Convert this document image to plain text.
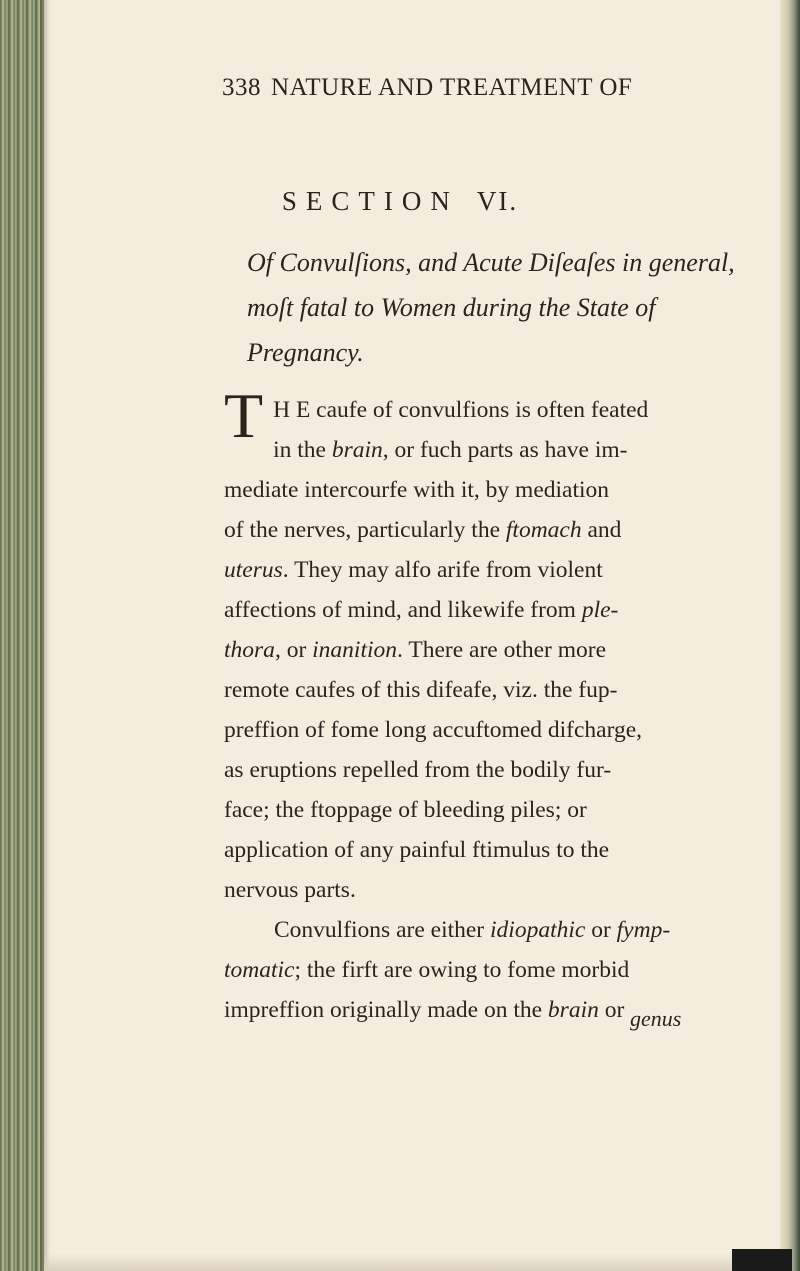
338 NATURE AND TREATMENT OF
SECTION VI.
Of Convulſions, and Acute Diſeaſes in general,
moſt fatal to Women during the State of
Pregnancy.
T H E caufe of convulfions is often feated
in the brain, or fuch parts as have im-
mediate intercourfe with it, by mediation
of the nerves, particularly the ftomach and
uterus. They may alfo arife from violent
affections of mind, and likewife from ple-
thora, or inanition. There are other more
remote caufes of this difeafe, viz. the fup-
preffion of fome long accuftomed difcharge,
as eruptions repelled from the bodily fur-
face; the ftoppage of bleeding piles; or
application of any painful ftimulus to the
nervous parts.
Convulfions are either idiopathic or fymp-
tomatic; the firft are owing to fome morbid
impreffion originally made on the brain or genus
